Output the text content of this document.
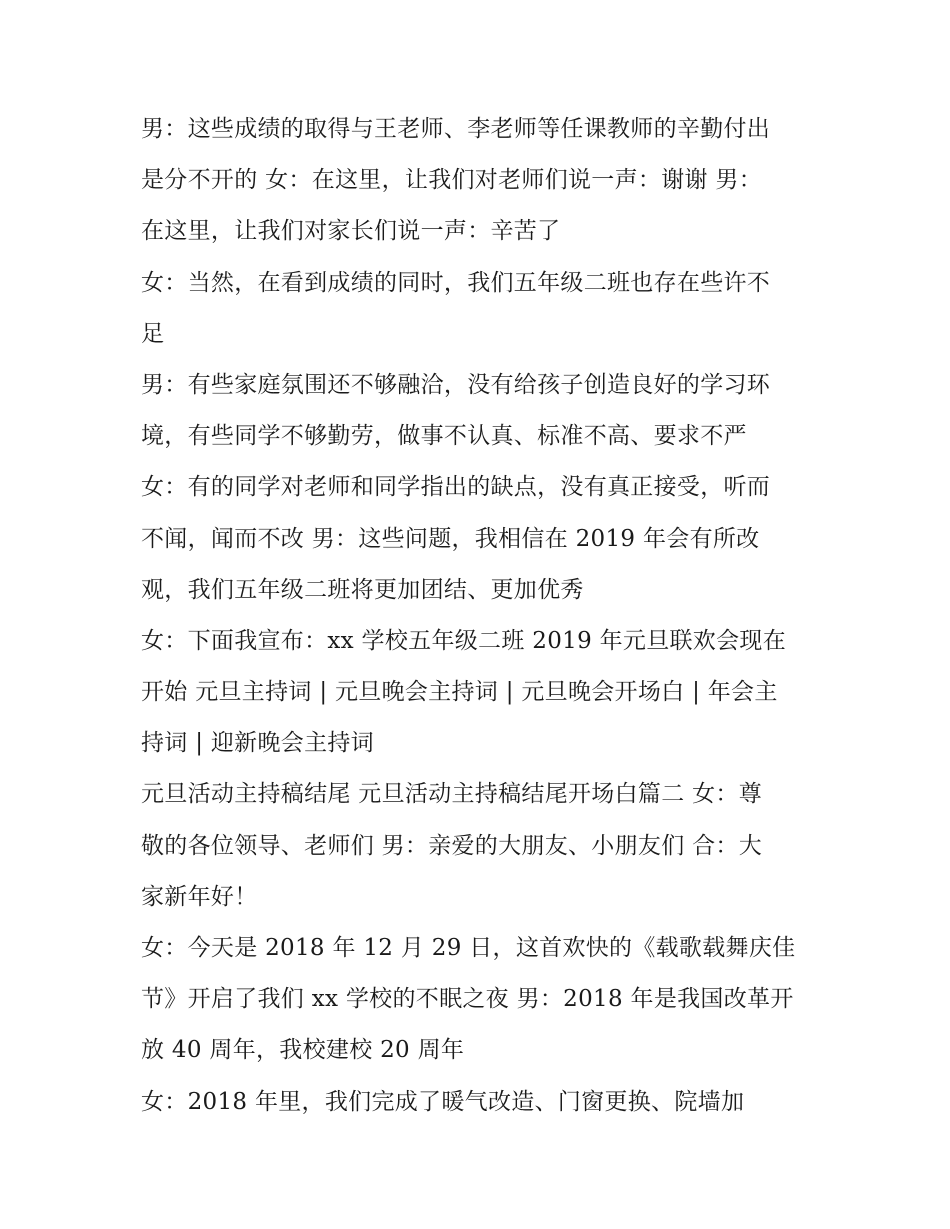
男：这些成绩的取得与王老师、李老师等任课教师的辛勤付出
是分不开的 女：在这里，让我们对老师们说一声：谢谢 男：
在这里，让我们对家长们说一声：辛苦了
女：当然，在看到成绩的同时，我们五年级二班也存在些许不
足
男：有些家庭氛围还不够融洽，没有给孩子创造良好的学习环
境，有些同学不够勤劳，做事不认真、标准不高、要求不严
女：有的同学对老师和同学指出的缺点，没有真正接受，听而
不闻，闻而不改 男：这些问题，我相信在 2019 年会有所改
观，我们五年级二班将更加团结、更加优秀
女：下面我宣布：xx 学校五年级二班 2019 年元旦联欢会现在
开始 元旦主持词 | 元旦晚会主持词 | 元旦晚会开场白 | 年会主
持词 | 迎新晚会主持词
元旦活动主持稿结尾 元旦活动主持稿结尾开场白篇二 女：尊
敬的各位领导、老师们 男：亲爱的大朋友、小朋友们 合：大
家新年好！
女：今天是 2018 年 12 月 29 日，这首欢快的《载歌载舞庆佳
节》开启了我们 xx 学校的不眠之夜 男：2018 年是我国改革开
放 40 周年，我校建校 20 周年
女：2018 年里，我们完成了暖气改造、门窗更换、院墙加
